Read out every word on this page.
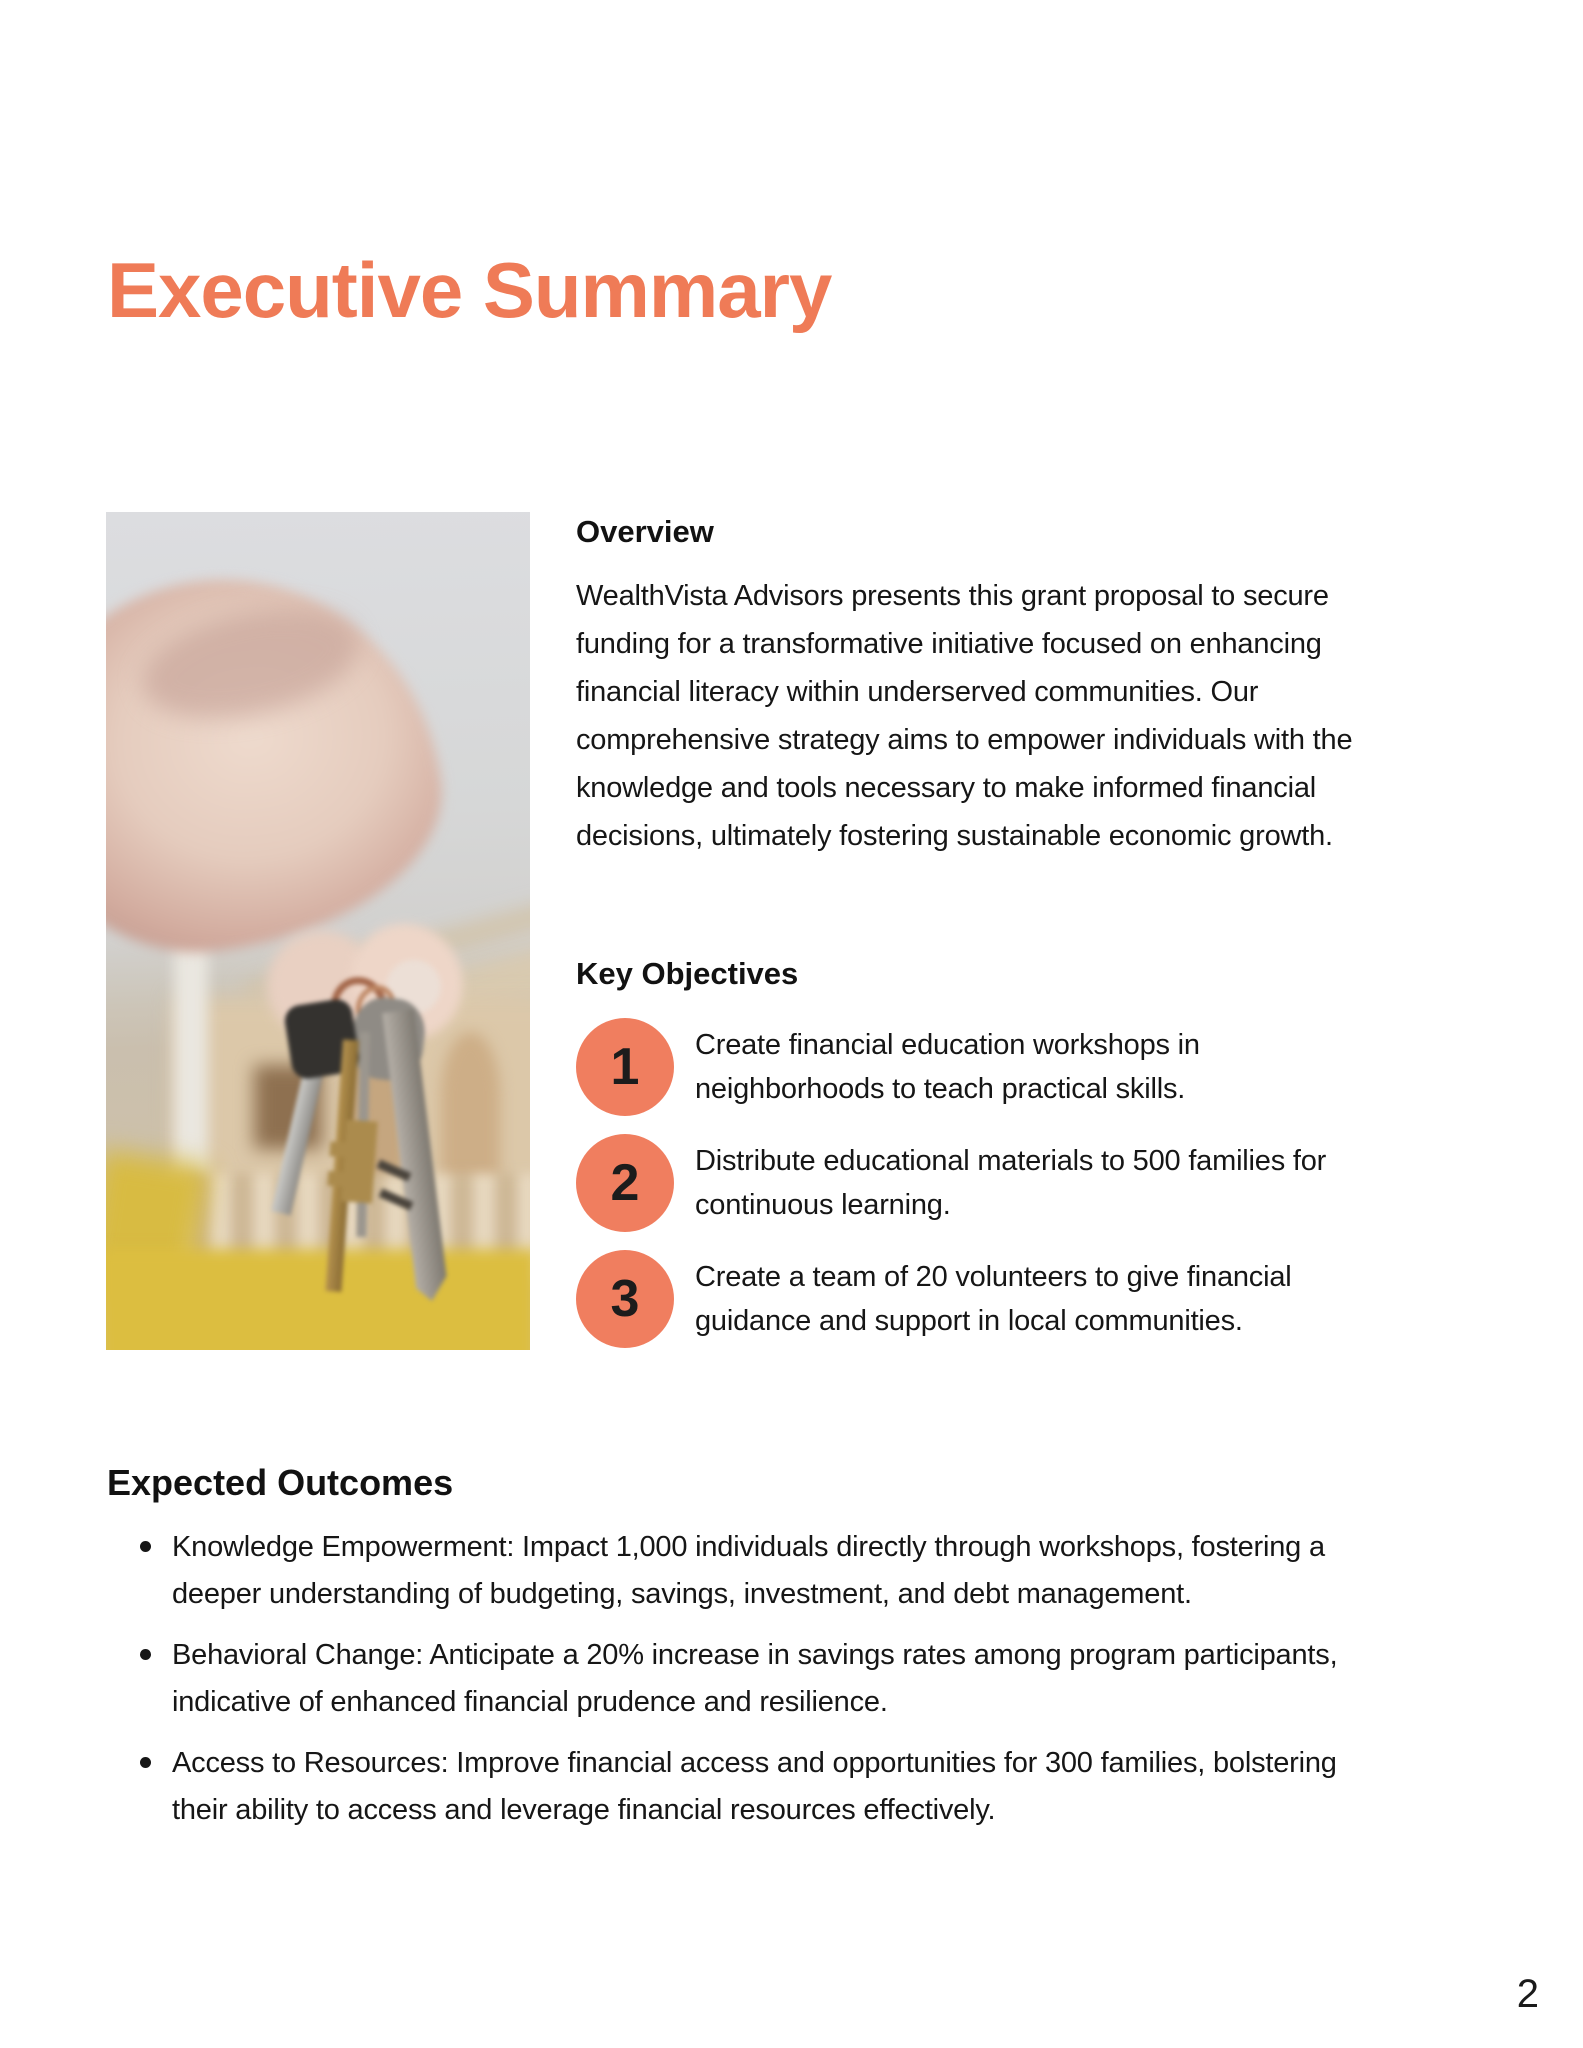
Executive Summary
Overview
WealthVista Advisors presents this grant proposal to secure
funding for a transformative initiative focused on enhancing
financial literacy within underserved communities. Our
comprehensive strategy aims to empower individuals with the
knowledge and tools necessary to make informed financial
decisions, ultimately fostering sustainable economic growth.
Key Objectives
1	Create financial education workshops in
neighborhoods to teach practical skills.
2	Distribute educational materials to 500 families for
continuous learning.
3	Create a team of 20 volunteers to give financial
guidance and support in local communities.
Expected Outcomes
Knowledge Empowerment: Impact 1,000 individuals directly through workshops, fostering a
deeper understanding of budgeting, savings, investment, and debt management.
Behavioral Change: Anticipate a 20% increase in savings rates among program participants,
indicative of enhanced financial prudence and resilience.
Access to Resources: Improve financial access and opportunities for 300 families, bolstering
their ability to access and leverage financial resources effectively.
2
